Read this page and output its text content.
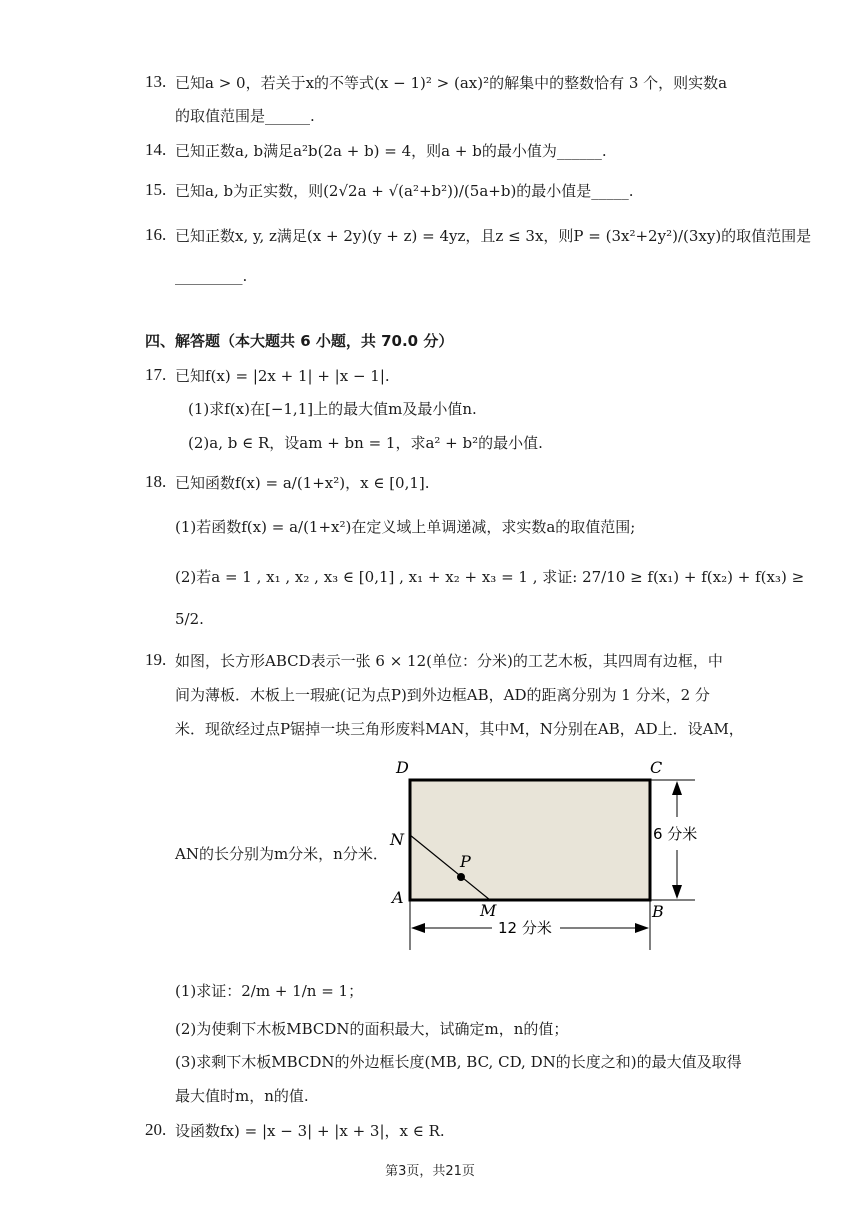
13. 已知a > 0，若关于x的不等式(x − 1)² > (ax)²的解集中的整数恰有 3 个，则实数a
的取值范围是______.
14. 已知正数a, b满足a²b(2a + b) = 4，则a + b的最小值为______.
15. 已知a, b为正实数，则(2√2a + √(a²+b²))/(5a+b)的最小值是_____.
16. 已知正数x, y, z满足(x + 2y)(y + z) = 4yz，且z ≤ 3x，则P = (3x²+2y²)/(3xy)的取值范围是
_________.
四、解答题（本大题共 6 小题，共 70.0 分）
17. 已知f(x) = |2x + 1| + |x − 1|.
(1)求f(x)在[−1,1]上的最大值m及最小值n.
(2)a, b ∈ R，设am + bn = 1，求a² + b²的最小值.
18. 已知函数f(x) = a/(1+x²)，x ∈ [0,1].
(1)若函数f(x) = a/(1+x²)在定义域上单调递减，求实数a的取值范围;
(2)若a = 1 , x₁ , x₂ , x₃ ∈ [0,1] , x₁ + x₂ + x₃ = 1 , 求证: 27/10 ≥ f(x₁) + f(x₂) + f(x₃) ≥
5/2.
19. 如图，长方形ABCD表示一张 6 × 12(单位：分米)的工艺木板，其四周有边框，中
间为薄板．木板上一瑕疵(记为点P)到外边框AB，AD的距离分别为 1 分米，2 分
米．现欲经过点P锯掉一块三角形废料MAN，其中M，N分别在AB，AD上．设AM，
AN的长分别为m分米，n分米．
D	C
N
P
A
M	B
6 分米
12 分米
(1)求证：2/m + 1/n = 1；
(2)为使剩下木板MBCDN的面积最大，试确定m，n的值；
(3)求剩下木板MBCDN的外边框长度(MB, BC, CD, DN的长度之和)的最大值及取得
最大值时m，n的值.
20. 设函数fx) = |x − 3| + |x + 3|，x ∈ R.
第3页，共21页
